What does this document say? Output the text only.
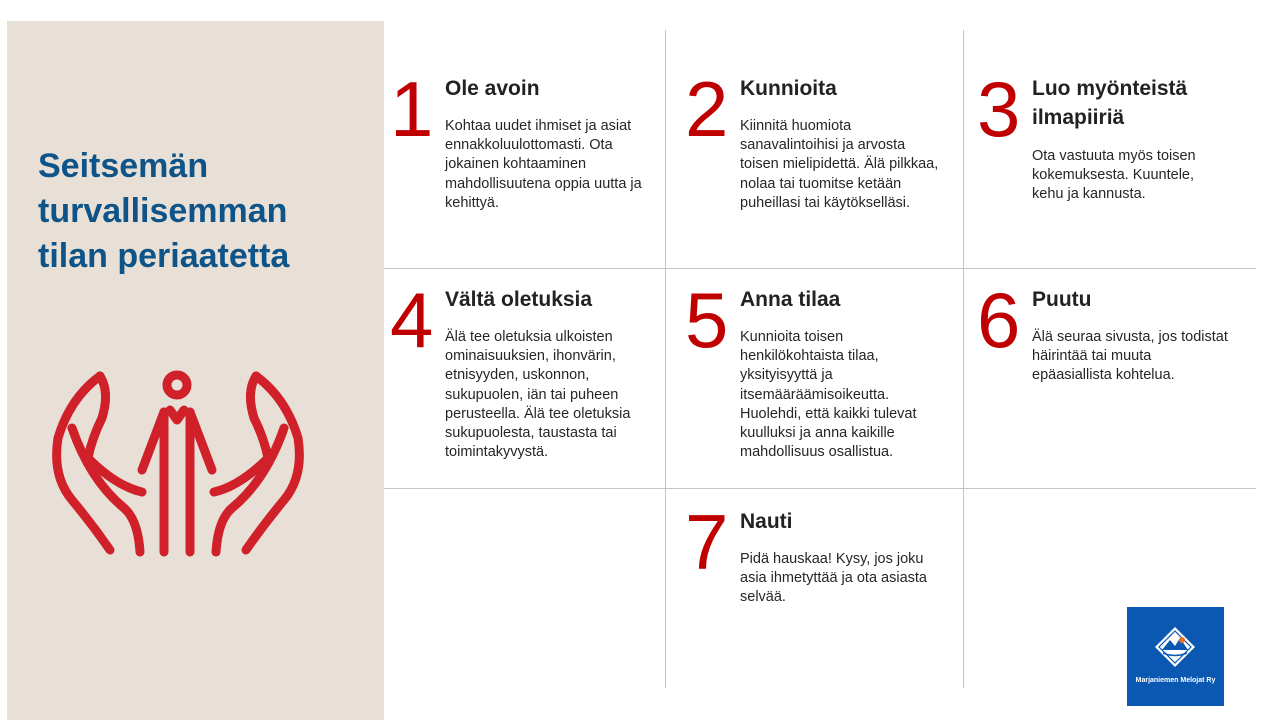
Seitsemän turvallisemman tilan periaatetta
1 Ole avoin

Kohtaa uudet ihmiset ja asiat ennakkoluulottomasti. Ota jokainen kohtaaminen mahdollisuutena oppia uutta ja kehittyä.

2 Kunnioita

Kiinnitä huomiota sanavalintoihisi ja arvosta toisen mielipidettä. Älä pilkkaa, nolaa tai tuomitse ketään puheillasi tai käytökselläsi.

3 Luo myönteistä ilmapiiriä

Ota vastuuta myös toisen kokemuksesta. Kuuntele, kehu ja kannusta.

4 Vältä oletuksia

Älä tee oletuksia ulkoisten ominaisuuksien, ihonvärin, etnisyyden, uskonnon, sukupuolen, iän tai puheen perusteella. Älä tee oletuksia sukupuolesta, taustasta tai toimintakyvystä.

5 Anna tilaa

Kunnioita toisen henkilökohtaista tilaa, yksityisyyttä ja itsemääräämisoikeutta. Huolehdi, että kaikki tulevat kuulluksi ja anna kaikille mahdollisuus osallistua.

6 Puutu

Älä seuraa sivusta, jos todistat häirintää tai muuta epäasiallista kohtelua.

7 Nauti

Pidä hauskaa! Kysy, jos joku asia ihmetyttää ja ota asiasta selvää.

Marjaniemen Melojat Ry
